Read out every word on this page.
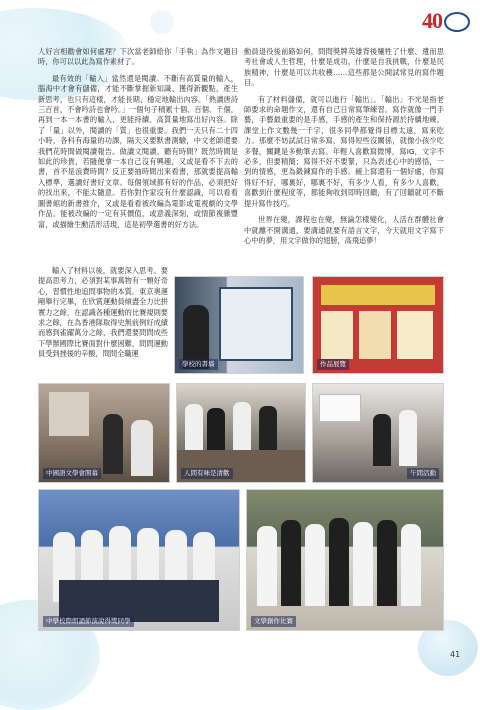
40

人好言相勸會如何處理？下次當老師給你「手執」為作文題目時，你可以以此為寫作素材了。

最有效的「輸入」當然還是閱讀。不斷有高質量的輸入，腦海中才會有儲備，才能不斷掌握新知識、獲得新觀點，產生新思考，也只有這樣，才能長期、穩定地輸出內容。「熟讀唐詩三百首，不會吟詩也會吟。」一個句子積累十個、百個、千個，再到一本一本書的輸入，更能持續、高質量地寫出好內容。除了「量」以外，閱讀的「質」也很重要。我們一天只有二十四小時，各科有海量的功課，隔天又要默書測驗，中文老師還要我們花時間做閱讀報告。做讀文閱讀、聽有時間？既然時間是如此的珍貴，若隨便拿一本自己沒有興趣，又或是看不下去的書，首不是浪費時間？反正要抽時間出來看書，那就要提高輸入標準，選讀好書好文章。每個領域都有好的作品，必須把好的找出來，不能太隨意。若你對作家沒有什麼認識，可以看看圖書館的新書推介，又或是看看被改編為電影或電視劇的文學作品。能被改編的一定有其價值，或意義深刻，或情節複雜豐富，或描繪生動活形活現，這是初學選書的好方法。

輸入了材料以後，就要深入思考。要提高思考力，必須對某事萬物有一顆好奇心，習慣性地追問事物的本質。東京奧運剛舉行完畢，在欣賞運動員傾盡全力比拼實力之餘，在認識各種運動的比賽規則要求之餘，在為香港隊取得史無前例好成績而感到雀躍萬分之餘，我們還要問問成些下學辦國際比賽面對什麼困難，問問運動員受到挫後的辛酸，問問全職運

動員退役後前路如何，問問獎牌英雄背後犧牲了什麼、遺而思考社會或人生哲理，什麼是成功，什麼是自我挑戰，什麼是民族精神，什麼是可以共收穫……這些都是公開試常見的寫作題目。

有了材料儲備，就可以進行「輸出」。「輸出」不光是指老師要求的命題作文，還有自己日常寫筆練習。寫作就像一門手藝，手藝最重要的是手感，手感的產生和保持源於持續地練。課堂上作文數幾一千字，很多同學都覺得目標太遠，寫來吃力。那麼不妨試試日常多寫，寫得短些沒關係，就像小孩少吃多餐，關鍵是多動筆去寫。年輕人喜歡寫微博，寫IG，文字不必多，但要精簡；寫得不好不要緊，只為表述心中的感悟，一到的情感，更為鍛鍊寫作的手感。緩上寫還有一個好處，你寫得好不好，哪裏好，哪裏不好，有多少人看，有多少人喜歡，喜歡到什麼程度等，都能夠收到即時回饋，有了回饋就可不斷提升寫作技巧。

世界在變，課程也在變，無論怎樣變化，人活在群體社會中就離不開溝通，要溝通就要有語言文字，今天就用文字寫下心中的夢，用文字做你的翅膀，高飛追夢！

學校的書墻	作品展覽
中國語文學會開幕	人間有味是清歡	午間活動
中學校際朗誦節演說得獎同學	文學創作比賽
41
